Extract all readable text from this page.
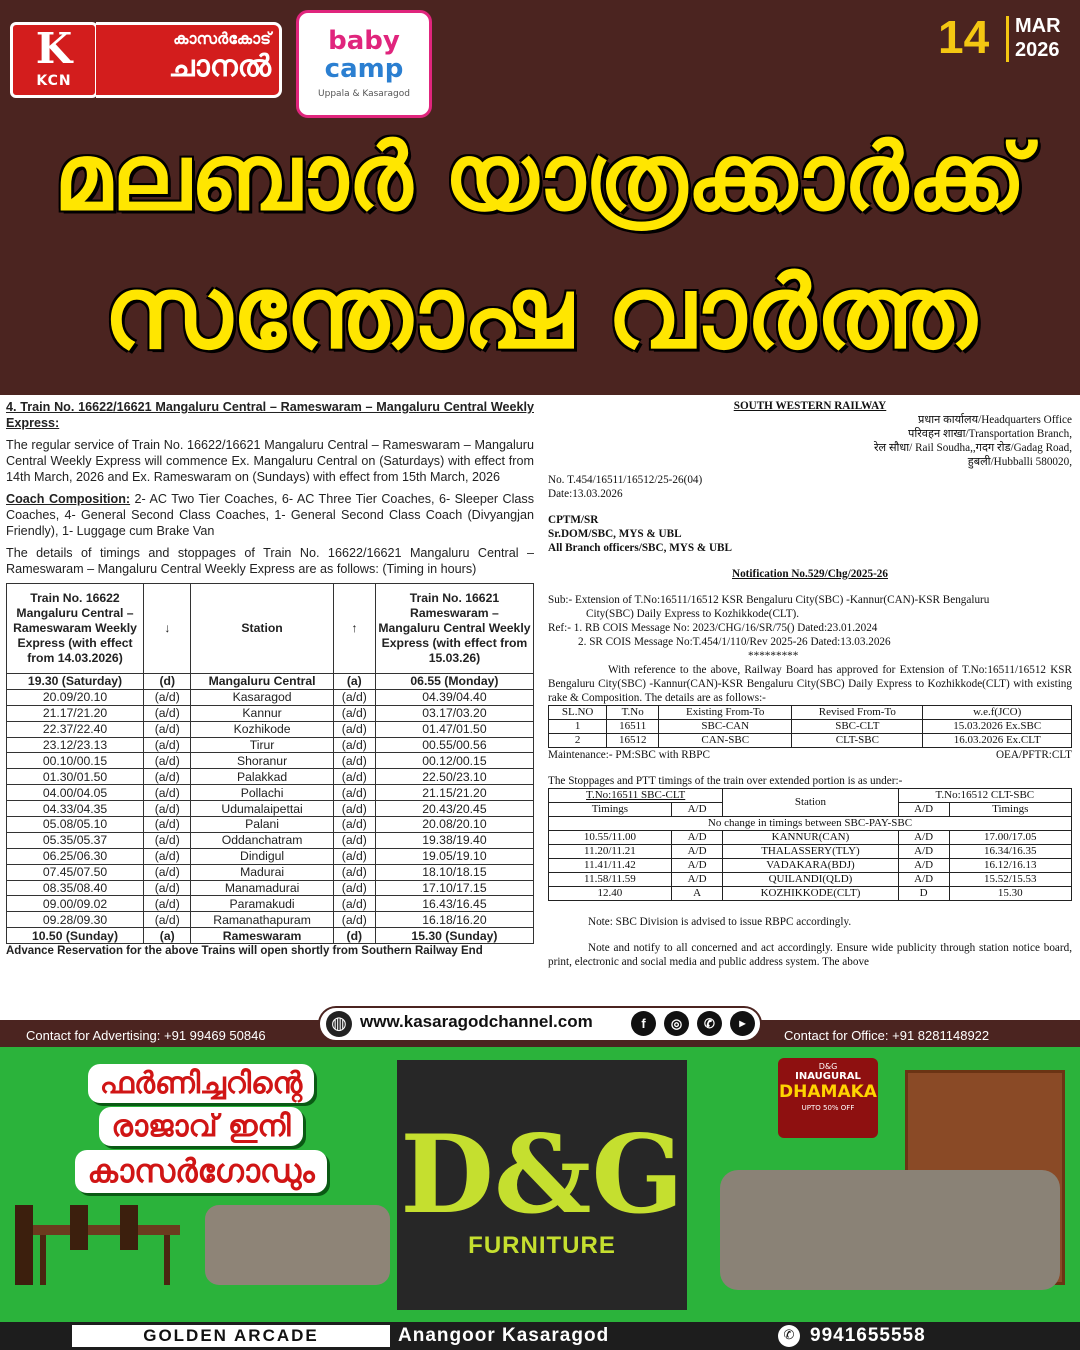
K
KCN
കാസർകോട്
ചാനൽ
baby
camp
Uppala & Kasaragod
14 MAR
2026
മലബാർ യാത്രക്കാർക്ക്
സന്തോഷ വാർത്ത

4. Train No. 16622/16621 Mangaluru Central – Rameswaram – Mangaluru Central Weekly Express:

The regular service of Train No. 16622/16621 Mangaluru Central – Rameswaram – Mangaluru Central Weekly Express will commence Ex. Mangaluru Central on (Saturdays) with effect from 14th March, 2026 and Ex. Rameswaram on (Sundays) with effect from 15th March, 2026

Coach Composition: 2- AC Two Tier Coaches, 6- AC Three Tier Coaches, 6- Sleeper Class Coaches, 4- General Second Class Coaches, 1- General Second Class Coach (Divyangjan Friendly), 1- Luggage cum Brake Van

The details of timings and stoppages of Train No. 16622/16621 Mangaluru Central – Rameswaram – Mangaluru Central Weekly Express are as follows: (Timing in hours)

Train No. 16622 Mangaluru Central – Rameswaram Weekly Express (with effect from 14.03.2026)	↓	Station	↑	Train No. 16621 Rameswaram – Mangaluru Central Weekly Express (with effect from 15.03.26)
19.30 (Saturday)	(d)	Mangaluru Central	(a)	06.55 (Monday)
20.09/20.10	(a/d)	Kasaragod	(a/d)	04.39/04.40
21.17/21.20	(a/d)	Kannur	(a/d)	03.17/03.20
22.37/22.40	(a/d)	Kozhikode	(a/d)	01.47/01.50
23.12/23.13	(a/d)	Tirur	(a/d)	00.55/00.56
00.10/00.15	(a/d)	Shoranur	(a/d)	00.12/00.15
01.30/01.50	(a/d)	Palakkad	(a/d)	22.50/23.10
04.00/04.05	(a/d)	Pollachi	(a/d)	21.15/21.20
04.33/04.35	(a/d)	Udumalaipettai	(a/d)	20.43/20.45
05.08/05.10	(a/d)	Palani	(a/d)	20.08/20.10
05.35/05.37	(a/d)	Oddanchatram	(a/d)	19.38/19.40
06.25/06.30	(a/d)	Dindigul	(a/d)	19.05/19.10
07.45/07.50	(a/d)	Madurai	(a/d)	18.10/18.15
08.35/08.40	(a/d)	Manamadurai	(a/d)	17.10/17.15
09.00/09.02	(a/d)	Paramakudi	(a/d)	16.43/16.45
09.28/09.30	(a/d)	Ramanathapuram	(a/d)	16.18/16.20
10.50 (Sunday)	(a)	Rameswaram	(d)	15.30 (Sunday)
Advance Reservation for the above Trains will open shortly from Southern Railway End
SOUTH WESTERN RAILWAY
प्रधान कार्यालय/Headquarters Office
परिवहन शाखा/Transportation Branch,
रेल सौधा/ Rail Soudha,,गदग रोड/Gadag Road,
हुबली/Hubballi 580020,
No. T.454/16511/16512/25-26(04)
Date:13.03.2026
CPTM/SR
Sr.DOM/SBC, MYS & UBL
All Branch officers/SBC, MYS & UBL
Notification No.529/Chg/2025-26
Sub:- Extension of T.No:16511/16512 KSR Bengaluru City(SBC) -Kannur(CAN)-KSR Bengaluru
City(SBC) Daily Express to Kozhikkode(CLT).
Ref:- 1. RB COIS Message No: 2023/CHG/16/SR/75() Dated:23.01.2024
2. SR COIS Message No:T.454/1/110/Rev 2025-26 Dated:13.03.2026
*********
With reference to the above, Railway Board has approved for Extension of T.No:16511/16512 KSR Bengaluru City(SBC) -Kannur(CAN)-KSR Bengaluru City(SBC) Daily Express to Kozhikkode(CLT) with existing rake & Composition. The details are as follows:-
SL.NO	T.No	Existing From-To	Revised From-To	w.e.f(JCO)
1	16511	SBC-CAN	SBC-CLT	15.03.2026 Ex.SBC
2	16512	CAN-SBC	CLT-SBC	16.03.2026 Ex.CLT
Maintenance:- PM:SBC with RBPC	OEA/PFTR:CLT
The Stoppages and PTT timings of the train over extended portion is as under:-
T.No:16511 SBC-CLT		Station	T.No:16512 CLT-SBC	
Timings	A/D		A/D	Timings
No change in timings between SBC-PAY-SBC				
10.55/11.00	A/D	KANNUR(CAN)	A/D	17.00/17.05
11.20/11.21	A/D	THALASSERY(TLY)	A/D	16.34/16.35
11.41/11.42	A/D	VADAKARA(BDJ)	A/D	16.12/16.13
11.58/11.59	A/D	QUILANDI(QLD)	A/D	15.52/15.53
12.40	A	KOZHIKKODE(CLT)	D	15.30
Note: SBC Division is advised to issue RBPC accordingly.
Note and notify to all concerned and act accordingly. Ensure wide publicity through station notice board, print, electronic and social media and public address system. The above
Contact for Advertising: +91 99469 50846	Contact for Office: +91 8281148922
◍ www.kasaragodchannel.com	f	◎	✆	▶
ഫർണിച്ചറിന്റെ
രാജാവ് ഇനി
കാസർഗോഡും D&G
FURNITURE
D&G
INAUGURAL
DHAMAKA
UPTO 50% OFF
GOLDEN ARCADE	Anangoor Kasaragod	✆ 9941655558
